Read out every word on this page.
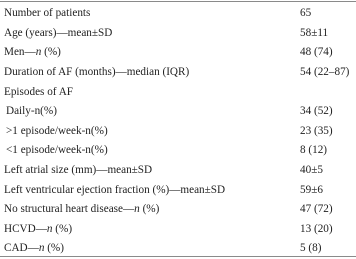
Number of patients	65
Age (years)—mean±SD	58±11
Men—n (%)	48 (74)
Duration of AF (months)—median (IQR)	54 (22–87)
Episodes of AF	
Daily-n(%)	34 (52)
>1 episode/week-n(%)	23 (35)
<1 episode/week-n(%)	8 (12)
Left atrial size (mm)—mean±SD	40±5
Left ventricular ejection fraction (%)—mean±SD	59±6
No structural heart disease—n (%)	47 (72)
HCVD—n (%)	13 (20)
CAD—n (%)	5 (8)
